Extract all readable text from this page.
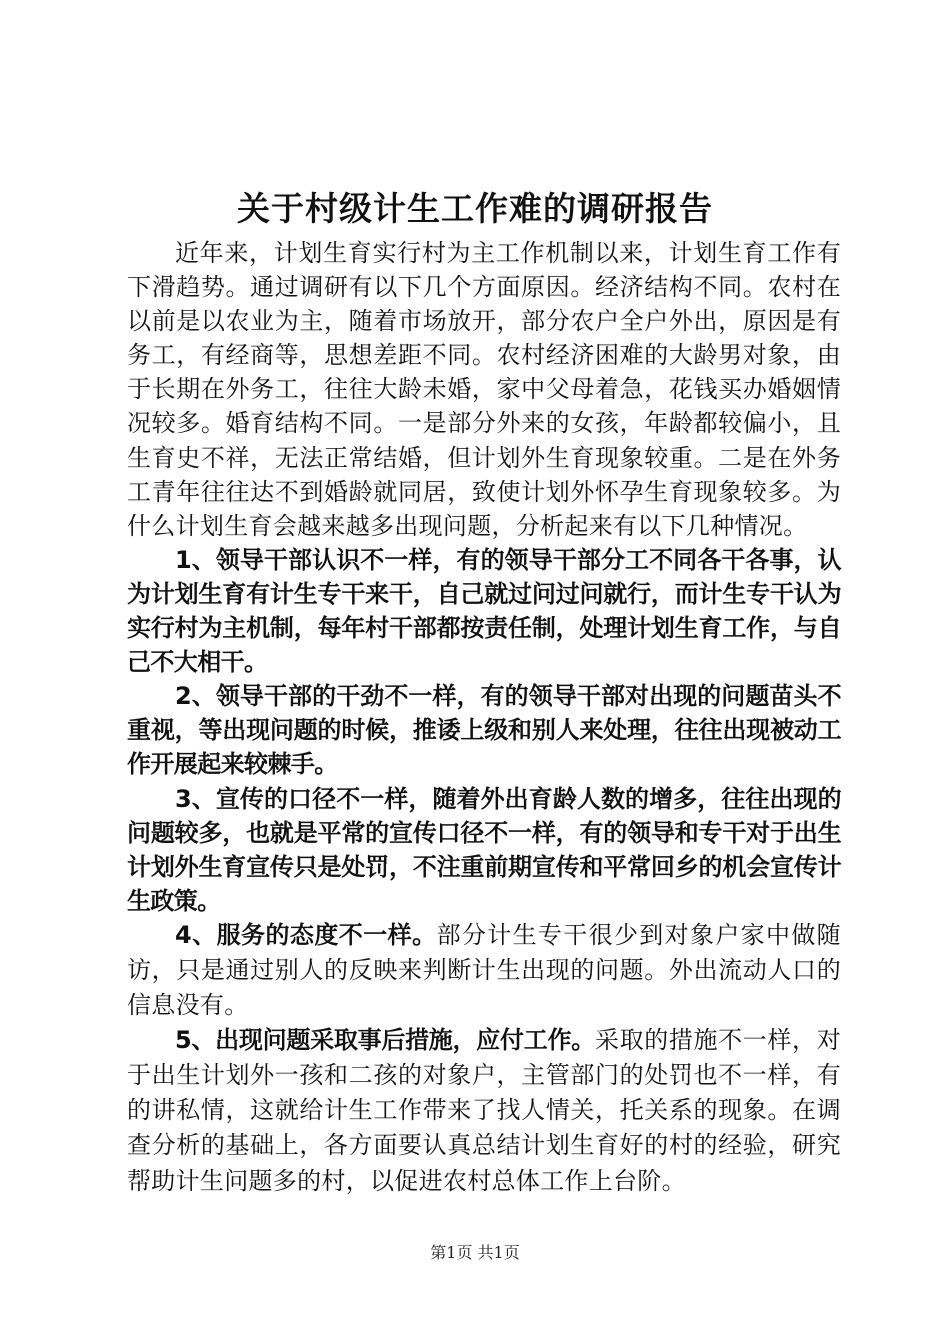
关于村级计生工作难的调研报告

近年来，计划生育实行村为主工作机制以来，计划生育工作有下滑趋势。通过调研有以下几个方面原因。经济结构不同。农村在以前是以农业为主，随着市场放开，部分农户全户外出，原因是有务工，有经商等，思想差距不同。农村经济困难的大龄男对象，由于长期在外务工，往往大龄未婚，家中父母着急，花钱买办婚姻情况较多。婚育结构不同。一是部分外来的女孩，年龄都较偏小，且生育史不祥，无法正常结婚，但计划外生育现象较重。二是在外务工青年往往达不到婚龄就同居，致使计划外怀孕生育现象较多。为什么计划生育会越来越多出现问题，分析起来有以下几种情况。

1、领导干部认识不一样，有的领导干部分工不同各干各事，认为计划生育有计生专干来干，自己就过问过问就行，而计生专干认为实行村为主机制，每年村干部都按责任制，处理计划生育工作，与自己不大相干。

2、领导干部的干劲不一样，有的领导干部对出现的问题苗头不重视，等出现问题的时候，推诿上级和别人来处理，往往出现被动工作开展起来较棘手。

3、宣传的口径不一样，随着外出育龄人数的增多，往往出现的问题较多，也就是平常的宣传口径不一样，有的领导和专干对于出生计划外生育宣传只是处罚，不注重前期宣传和平常回乡的机会宣传计生政策。

4、服务的态度不一样。部分计生专干很少到对象户家中做随访，只是通过别人的反映来判断计生出现的问题。外出流动人口的信息没有。

5、出现问题采取事后措施，应付工作。采取的措施不一样，对于出生计划外一孩和二孩的对象户，主管部门的处罚也不一样，有的讲私情，这就给计生工作带来了找人情关，托关系的现象。在调查分析的基础上，各方面要认真总结计划生育好的村的经验，研究帮助计生问题多的村，以促进农村总体工作上台阶。

第1页 共1页
